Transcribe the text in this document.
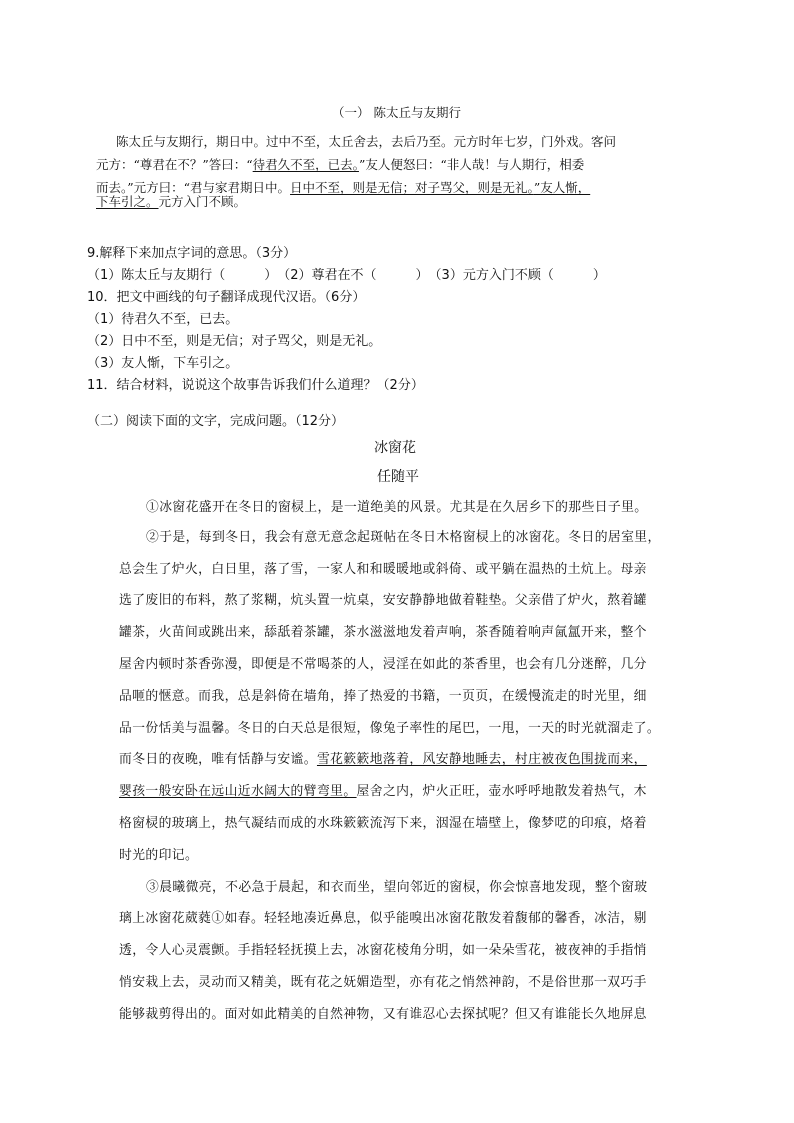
（一） 陈太丘与友期行
陈太丘与友期行，期日中。过中不至，太丘舍去，去后乃至。元方时年七岁，门外戏。客问
元方：“尊君在不？”答曰：“待君久不至，已去。”友人便怒曰：“非人哉！与人期行，相委
而去。”元方曰：“君与家君期日中。日中不至，则是无信；对子骂父，则是无礼。”友人惭，
下车引之。元方入门不顾。
9.解释下来加点字词的意思。（3分）
（1）陈太丘与友期行（　　　）　（2）尊君在不（　　　）　（3）元方入门不顾（　　　）
10．把文中画线的句子翻译成现代汉语。（6分）
（1）待君久不至，已去。
（2）日中不至，则是无信；对子骂父，则是无礼。
（3）友人惭，下车引之。
11．结合材料，说说这个故事告诉我们什么道理？（2分）
（二）阅读下面的文字，完成问题。（12分）
冰窗花
任随平
①冰窗花盛开在冬日的窗棂上，是一道绝美的风景。尤其是在久居乡下的那些日子里。
②于是，每到冬日，我会有意无意念起斑帖在冬日木格窗棂上的冰窗花。冬日的居室里，
总会生了炉火，白日里，落了雪，一家人和和暖暖地或斜倚、或平躺在温热的土炕上。母亲
选了废旧的布料，熬了浆糊，炕头置一炕桌，安安静静地做着鞋垫。父亲借了炉火，熬着罐
罐茶，火苗间或跳出来，舔舐着茶罐，茶水滋滋地发着声响，茶香随着响声氤氲开来，整个
屋舍内顿时茶香弥漫，即便是不常喝茶的人，浸淫在如此的茶香里，也会有几分迷醉，几分
品咂的惬意。而我，总是斜倚在墙角，捧了热爱的书籍，一页页，在缓慢流走的时光里，细
品一份恬美与温馨。冬日的白天总是很短，像兔子率性的尾巴，一甩，一天的时光就溜走了。
而冬日的夜晚，唯有恬静与安谧。雪花簌簌地落着，风安静地睡去，村庄被夜色围拢而来，
婴孩一般安卧在远山近水阔大的臂弯里。屋舍之内，炉火正旺，壶水呼呼地散发着热气，木
格窗棂的玻璃上，热气凝结而成的水珠簌簌流泻下来，洇湿在墙壁上，像梦呓的印痕，烙着
时光的印记。
③晨曦微亮，不必急于晨起，和衣而坐，望向邻近的窗棂，你会惊喜地发现，整个窗玻
璃上冰窗花葳蕤①如春。轻轻地凑近鼻息，似乎能嗅出冰窗花散发着馥郁的馨香，冰洁，剔
透，令人心灵震颤。手指轻轻抚摸上去，冰窗花棱角分明，如一朵朵雪花，被夜神的手指悄
悄安栽上去，灵动而又精美，既有花之妩媚造型，亦有花之悄然神韵，不是俗世那一双巧手
能够裁剪得出的。面对如此精美的自然神物，又有谁忍心去探拭呢？但又有谁能长久地屏息
